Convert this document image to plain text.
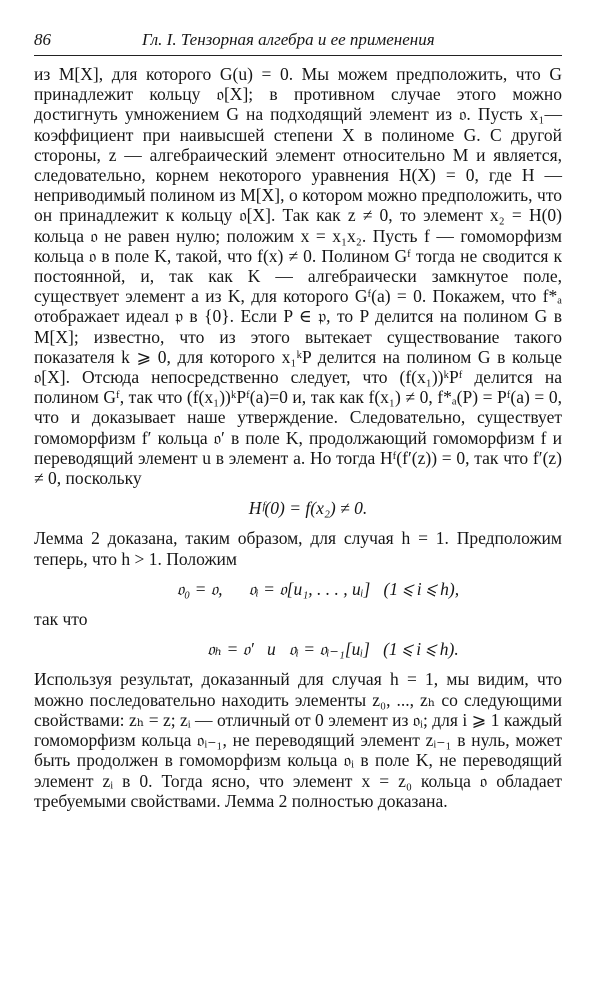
86	Гл. I. Тензорная алгебра и ее применения

из M[X], для которого G(u) = 0. Мы можем предположить, что G принадлежит кольцу 𝔬[X]; в противном случае этого можно достигнуть умножением G на подходящий элемент из 𝔬. Пусть x₁—коэффициент при наивысшей степени X в полиноме G. С другой стороны, z — алгебраический элемент относительно M и является, следовательно, корнем некоторого уравнения H(X) = 0, где H — неприводимый полином из M[X], о котором можно предположить, что он принадлежит к кольцу 𝔬[X]. Так как z ≠ 0, то элемент x₂ = H(0) кольца 𝔬 не равен нулю; положим x = x₁x₂. Пусть f — гомоморфизм кольца 𝔬 в поле K, такой, что f(x) ≠ 0. Полином Gᶠ тогда не сводится к постоянной, и, так как K — алгебраически замкнутое поле, существует элемент a из K, для которого Gᶠ(a) = 0. Покажем, что f*ₐ отображает идеал 𝔭 в {0}. Если P ∈ 𝔭, то P делится на полином G в M[X]; известно, что из этого вытекает существование такого показателя k ⩾ 0, для которого x₁ᵏP делится на полином G в кольце 𝔬[X]. Отсюда непосредственно следует, что (f(x₁))ᵏPᶠ делится на полином Gᶠ, так что (f(x₁))ᵏPᶠ(a)=0 и, так как f(x₁) ≠ 0, f*ₐ(P) = Pᶠ(a) = 0, что и доказывает наше утверждение. Следовательно, существует гомоморфизм f′ кольца 𝔬′ в поле K, продолжающий гомоморфизм f и переводящий элемент u в элемент a. Но тогда Hᶠ(f′(z)) = 0, так что f′(z) ≠ 0, поскольку

Hᶠ(0) = f(x₂) ≠ 0.

Лемма 2 доказана, таким образом, для случая h = 1. Предположим теперь, что h > 1. Положим

𝔬₀ = 𝔬,      𝔬ᵢ = 𝔬[u₁, . . . , uᵢ]   (1 ⩽ i ⩽ h),

так что

𝔬ₕ = 𝔬′   и   𝔬ᵢ = 𝔬ᵢ₋₁[uᵢ]   (1 ⩽ i ⩽ h).

Используя результат, доказанный для случая h = 1, мы видим, что можно последовательно находить элементы z₀, ..., zₕ со следующими свойствами: zₕ = z; zᵢ — отличный от 0 элемент из 𝔬ᵢ; для i ⩾ 1 каждый гомоморфизм кольца 𝔬ᵢ₋₁, не переводящий элемент zᵢ₋₁ в нуль, может быть продолжен в гомоморфизм кольца 𝔬ᵢ в поле K, не переводящий элемент zᵢ в 0. Тогда ясно, что элемент x = z₀ кольца 𝔬 обладает требуемыми свойствами. Лемма 2 полностью доказана.
